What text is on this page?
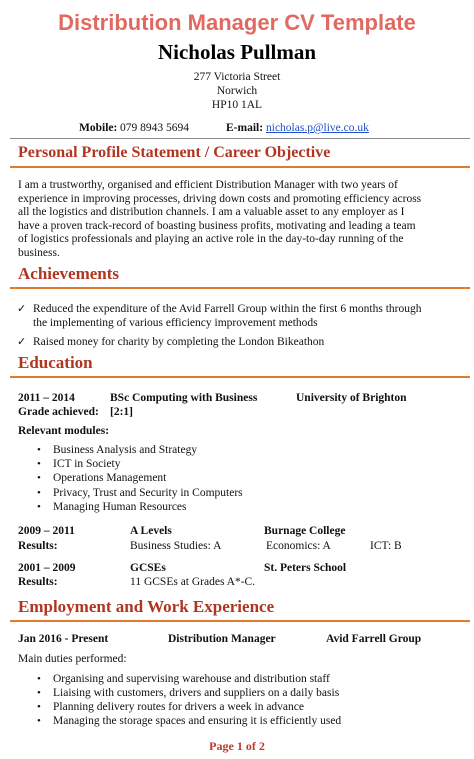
Distribution Manager CV Template
Nicholas Pullman
277 Victoria Street
Norwich
HP10 1AL
Mobile: 079 8943 5694	E-mail: nicholas.p@live.co.uk
Personal Profile Statement / Career Objective
I am a trustworthy, organised and efficient Distribution Manager with two years of
experience in improving processes, driving down costs and promoting efficiency across
all the logistics and distribution channels. I am a valuable asset to any employer as I
have a proven track-record of boasting business profits, motivating and leading a team
of logistics professionals and playing an active role in the day-to-day running of the
business.
Achievements
✓ Reduced the expenditure of the Avid Farrell Group within the first 6 months through
the implementing of various efficiency improvement methods
✓ Raised money for charity by completing the London Bikeathon
Education
2011 – 2014	BSc Computing with Business	University of Brighton
Grade achieved: [2:1]
Relevant modules:
• Business Analysis and Strategy
• ICT in Society
• Operations Management
• Privacy, Trust and Security in Computers
• Managing Human Resources
2009 – 2011	A Levels	Burnage College
Results:	Business Studies: A	Economics: A	ICT: B
2001 – 2009	GCSEs	St. Peters School
Results:	11 GCSEs at Grades A*-C.
Employment and Work Experience
Jan 2016 - Present	Distribution Manager	Avid Farrell Group
Main duties performed:
• Organising and supervising warehouse and distribution staff
• Liaising with customers, drivers and suppliers on a daily basis
• Planning delivery routes for drivers a week in advance
• Managing the storage spaces and ensuring it is efficiently used
Page 1 of 2
